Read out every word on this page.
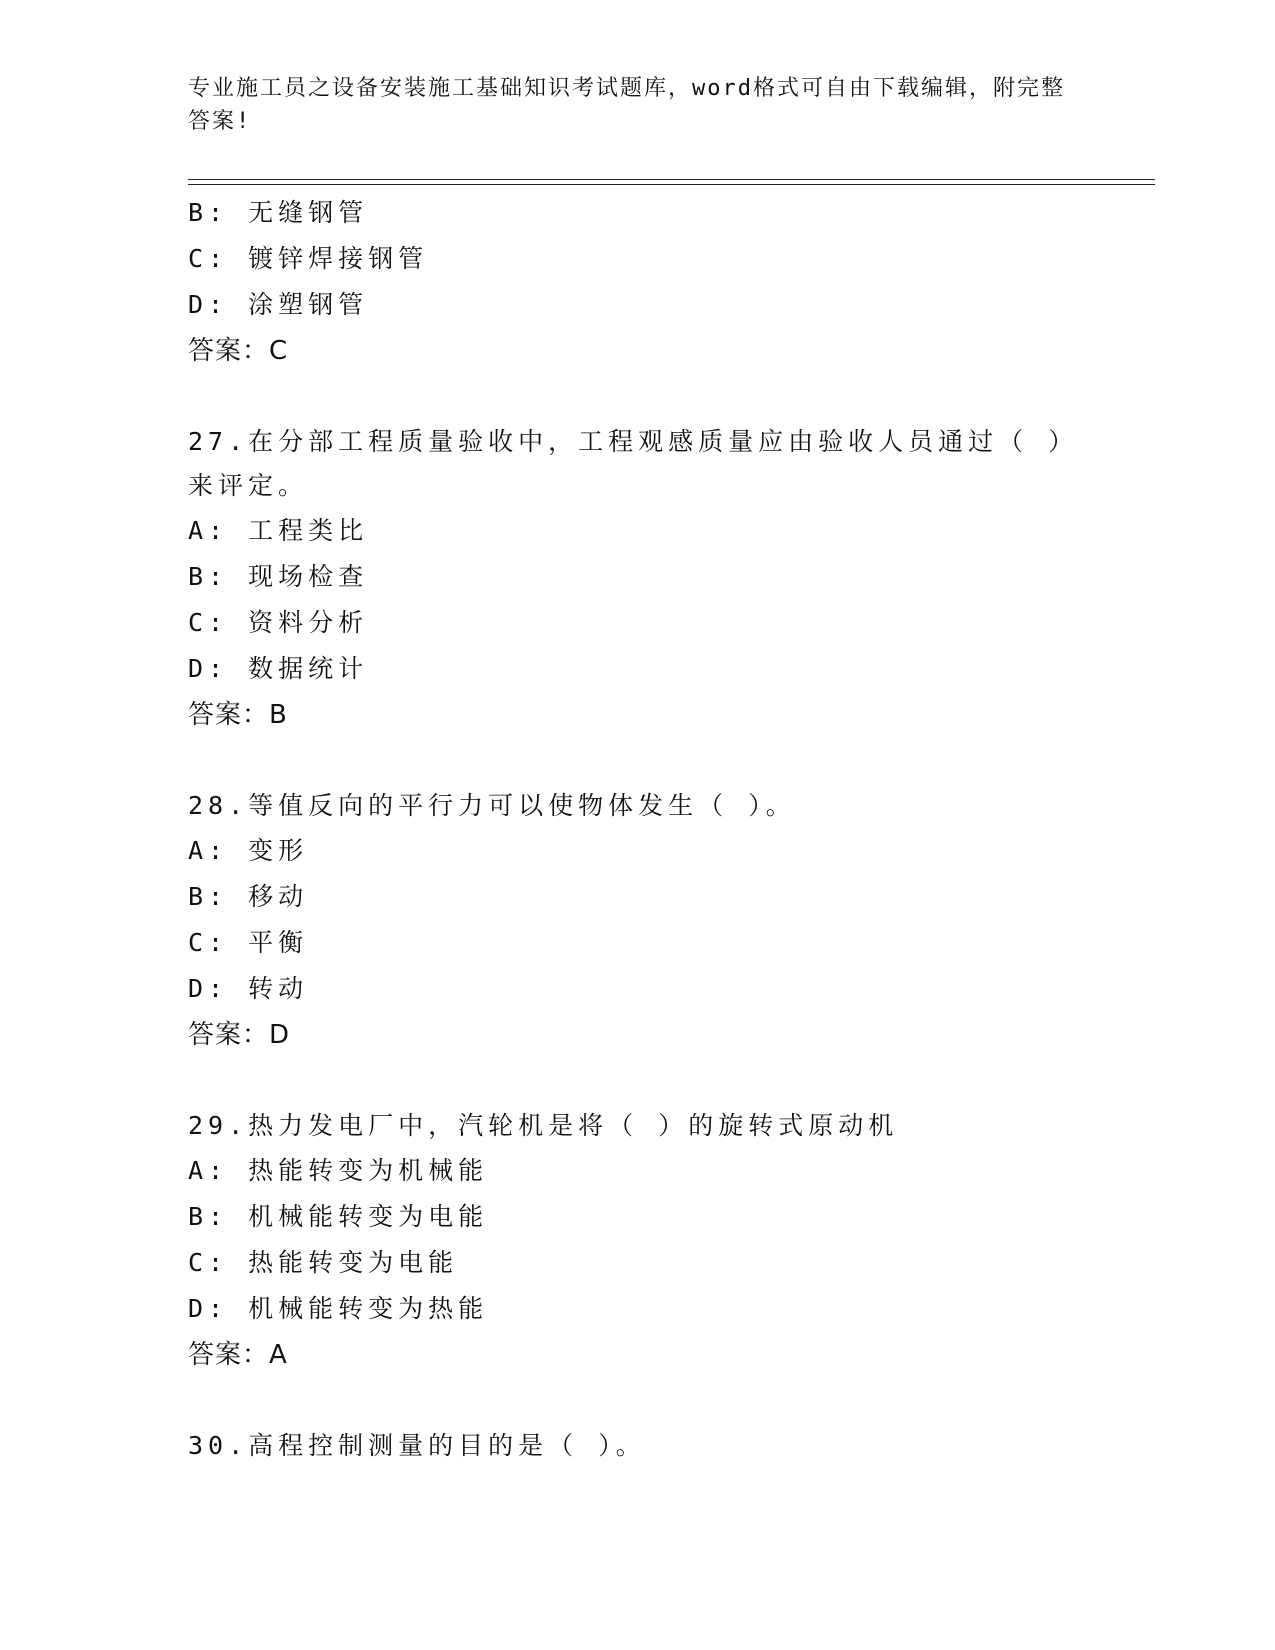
专业施工员之设备安装施工基础知识考试题库，word格式可自由下载编辑，附完整答案!
B: 无缝钢管
C: 镀锌焊接钢管
D: 涂塑钢管
答案：C
27.在分部工程质量验收中，工程观感质量应由验收人员通过（ ）来评定。
A: 工程类比
B: 现场检查
C: 资料分析
D: 数据统计
答案：B
28.等值反向的平行力可以使物体发生（ ）。
A: 变形
B: 移动
C: 平衡
D: 转动
答案：D
29.热力发电厂中，汽轮机是将（ ）的旋转式原动机
A: 热能转变为机械能
B: 机械能转变为电能
C: 热能转变为电能
D: 机械能转变为热能
答案：A
30.高程控制测量的目的是（ ）。
